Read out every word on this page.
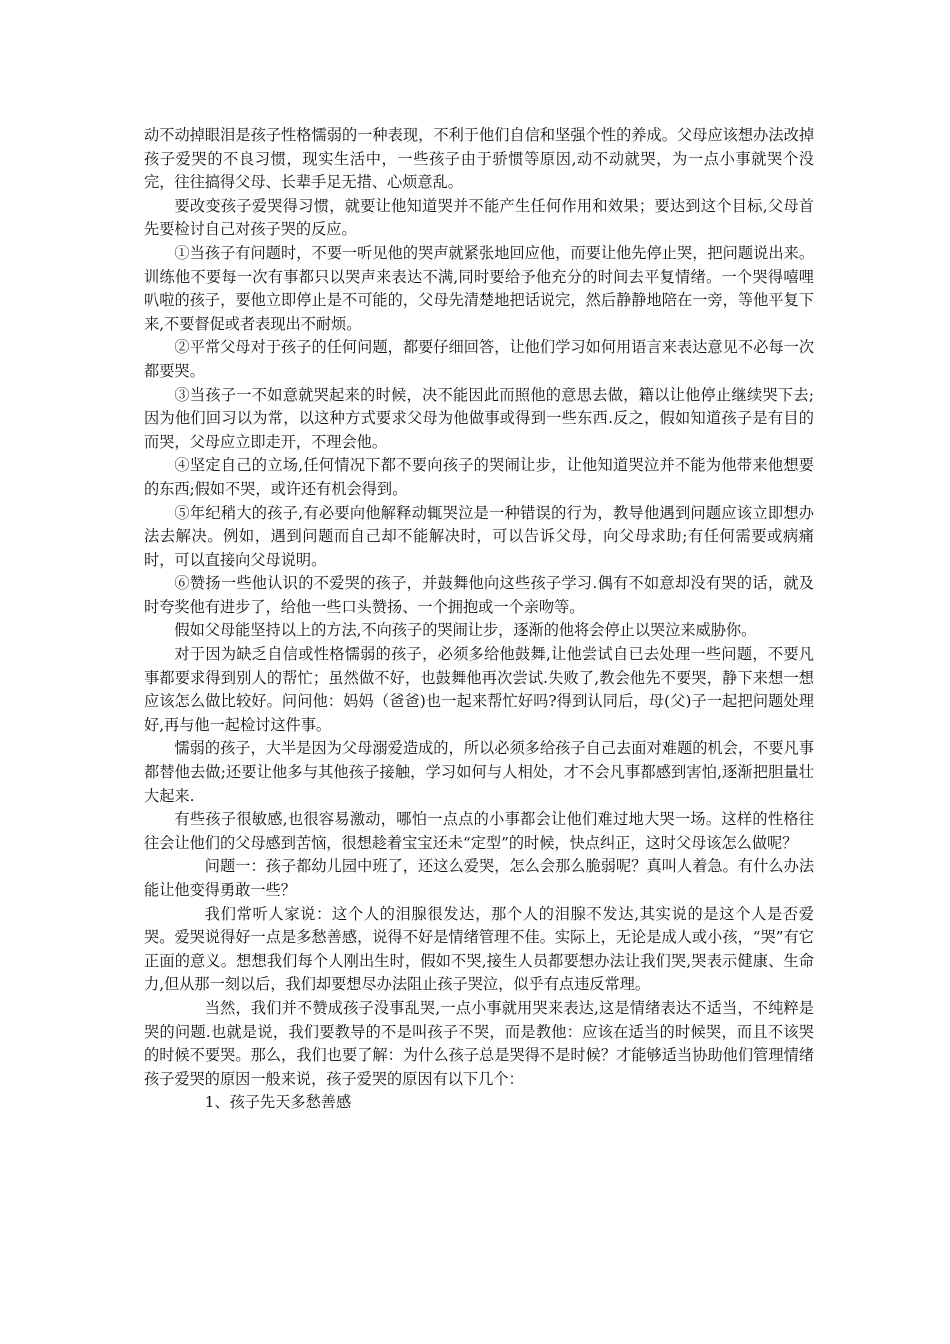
动不动掉眼泪是孩子性格懦弱的一种表现，不利于他们自信和坚强个性的养成。父母应该想办法改掉孩子爱哭的不良习惯，现实生活中，一些孩子由于骄惯等原因,动不动就哭，为一点小事就哭个没完，往往搞得父母、长辈手足无措、心烦意乱。

要改变孩子爱哭得习惯，就要让他知道哭并不能产生任何作用和效果；要达到这个目标,父母首先要检讨自己对孩子哭的反应。

①当孩子有问题时，不要一听见他的哭声就紧张地回应他，而要让他先停止哭，把问题说出来。训练他不要每一次有事都只以哭声来表达不满,同时要给予他充分的时间去平复情绪。一个哭得嘻哩叭啦的孩子，要他立即停止是不可能的，父母先清楚地把话说完，然后静静地陪在一旁，等他平复下来,不要督促或者表现出不耐烦。

②平常父母对于孩子的任何问题，都要仔细回答，让他们学习如何用语言来表达意见不必每一次都要哭。

③当孩子一不如意就哭起来的时候，决不能因此而照他的意思去做，籍以让他停止继续哭下去;因为他们回习以为常，以这种方式要求父母为他做事或得到一些东西.反之，假如知道孩子是有目的而哭，父母应立即走开，不理会他。

④坚定自己的立场,任何情况下都不要向孩子的哭闹让步，让他知道哭泣并不能为他带来他想要的东西;假如不哭，或许还有机会得到。

⑤年纪稍大的孩子,有必要向他解释动辄哭泣是一种错误的行为，教导他遇到问题应该立即想办法去解决。例如，遇到问题而自己却不能解决时，可以告诉父母，向父母求助;有任何需要或病痛时，可以直接向父母说明。

⑥赞扬一些他认识的不爱哭的孩子，并鼓舞他向这些孩子学习.偶有不如意却没有哭的话，就及时夸奖他有进步了，给他一些口头赞扬、一个拥抱或一个亲吻等。

假如父母能坚持以上的方法,不向孩子的哭闹让步，逐渐的他将会停止以哭泣来威胁你。

对于因为缺乏自信或性格懦弱的孩子，必须多给他鼓舞,让他尝试自已去处理一些问题，不要凡事都要求得到别人的帮忙；虽然做不好，也鼓舞他再次尝试.失败了,教会他先不要哭，静下来想一想应该怎么做比较好。问问他：妈妈（爸爸)也一起来帮忙好吗?得到认同后，母(父)子一起把问题处理好,再与他一起检讨这件事。

懦弱的孩子，大半是因为父母溺爱造成的，所以必须多给孩子自己去面对难题的机会，不要凡事都替他去做;还要让他多与其他孩子接触，学习如何与人相处，才不会凡事都感到害怕,逐渐把胆量壮大起来.

有些孩子很敏感,也很容易激动，哪怕一点点的小事都会让他们难过地大哭一场。这样的性格往往会让他们的父母感到苦恼，很想趁着宝宝还未“定型”的时候，快点纠正，这时父母该怎么做呢？

问题一：孩子都幼儿园中班了，还这么爱哭，怎么会那么脆弱呢？真叫人着急。有什么办法能让他变得勇敢一些？

我们常听人家说：这个人的泪腺很发达，那个人的泪腺不发达,其实说的是这个人是否爱哭。爱哭说得好一点是多愁善感，说得不好是情绪管理不佳。实际上，无论是成人或小孩，“哭”有它正面的意义。想想我们每个人刚出生时，假如不哭,接生人员都要想办法让我们哭,哭表示健康、生命力,但从那一刻以后，我们却要想尽办法阻止孩子哭泣，似乎有点违反常理。

当然，我们并不赞成孩子没事乱哭,一点小事就用哭来表达,这是情绪表达不适当，不纯粹是哭的问题.也就是说，我们要教导的不是叫孩子不哭，而是教他：应该在适当的时候哭，而且不该哭的时候不要哭。那么，我们也要了解：为什么孩子总是哭得不是时候？才能够适当协助他们管理情绪孩子爱哭的原因一般来说，孩子爱哭的原因有以下几个：

1、孩子先天多愁善感
